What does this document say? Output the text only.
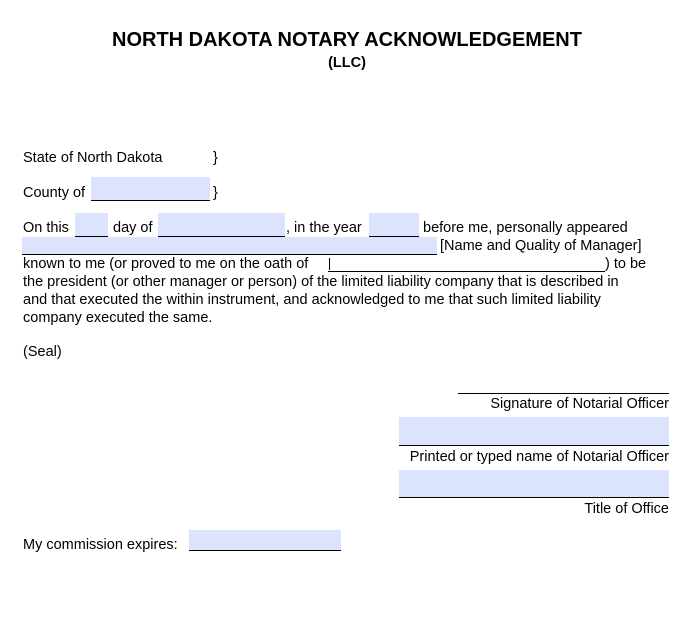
NORTH DAKOTA NOTARY ACKNOWLEDGEMENT
(LLC)
State of North Dakota	}
County of	}
On this	day of	, in the year	before me, personally appeared
[Name and Quality of Manager]
known to me (or proved to me on the oath of	) to be
the president (or other manager or person) of the limited liability company that is described in
and that executed the within instrument, and acknowledged to me that such limited liability
company executed the same.
(Seal)
Signature of Notarial Officer
Printed or typed name of Notarial Officer
Title of Office
My commission expires:
